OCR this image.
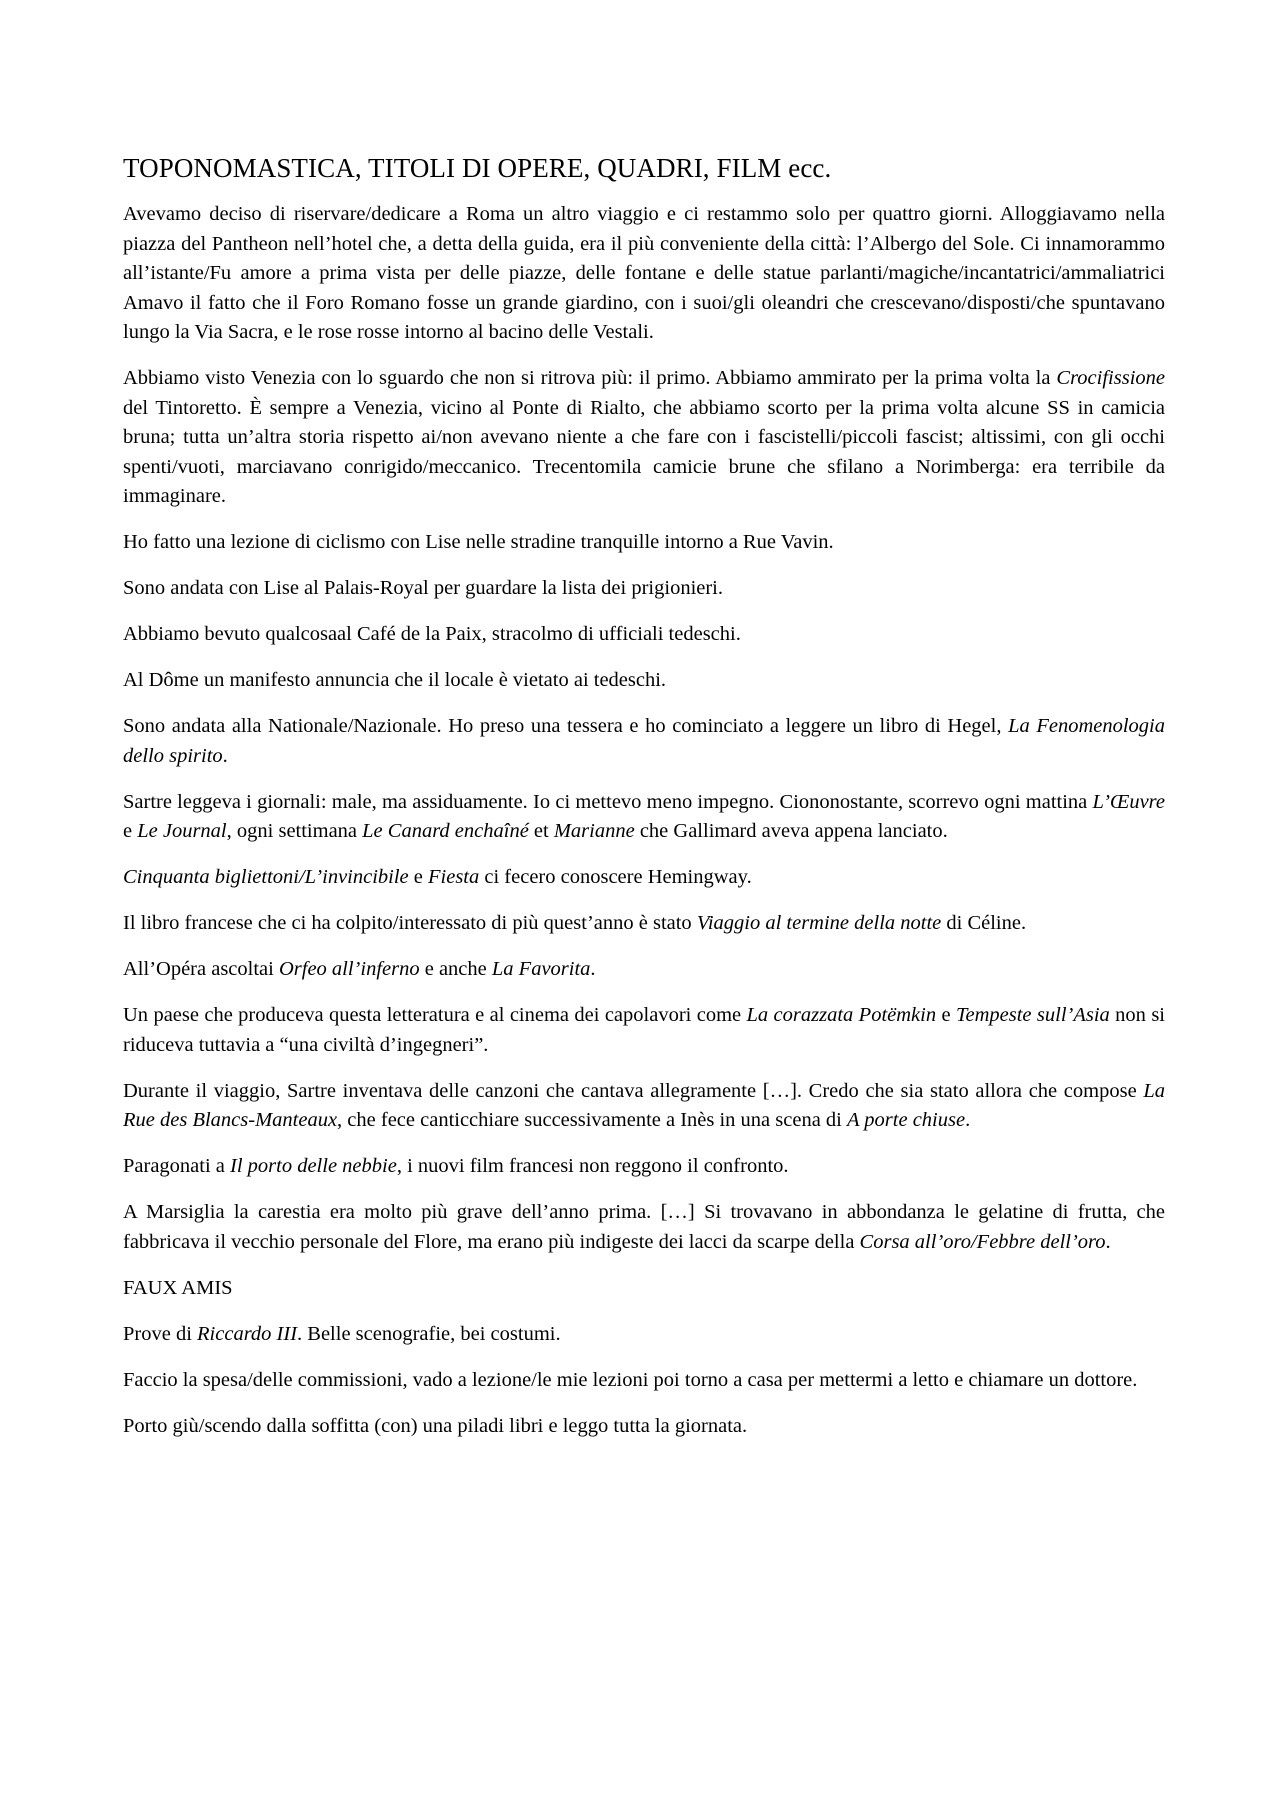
TOPONOMASTICA, TITOLI DI OPERE, QUADRI, FILM ecc.

Avevamo deciso di riservare/dedicare a Roma un altro viaggio e ci restammo solo per quattro giorni. Alloggiavamo nella piazza del Pantheon nell’hotel che, a detta della guida, era il più conveniente della città: l’Albergo del Sole. Ci innamorammo all’istante/Fu amore a prima vista per delle piazze, delle fontane e delle statue parlanti/magiche/incantatrici/ammaliatrici Amavo il fatto che il Foro Romano fosse un grande giardino, con i suoi/gli oleandri che crescevano/disposti/che spuntavano lungo la Via Sacra, e le rose rosse intorno al bacino delle Vestali.

Abbiamo visto Venezia con lo sguardo che non si ritrova più: il primo. Abbiamo ammirato per la prima volta la Crocifissione del Tintoretto. È sempre a Venezia, vicino al Ponte di Rialto, che abbiamo scorto per la prima volta alcune SS in camicia bruna; tutta un’altra storia rispetto ai/non avevano niente a che fare con i fascistelli/piccoli fascist; altissimi, con gli occhi spenti/vuoti, marciavano conrigido/meccanico. Trecentomila camicie brune che sfilano a Norimberga: era terribile da immaginare.

Ho fatto una lezione di ciclismo con Lise nelle stradine tranquille intorno a Rue Vavin.

Sono andata con Lise al Palais-Royal per guardare la lista dei prigionieri.

Abbiamo bevuto qualcosaal Café de la Paix, stracolmo di ufficiali tedeschi.

Al Dôme un manifesto annuncia che il locale è vietato ai tedeschi.

Sono andata alla Nationale/Nazionale. Ho preso una tessera e ho cominciato a leggere un libro di Hegel, La Fenomenologia dello spirito.

Sartre leggeva i giornali: male, ma assiduamente. Io ci mettevo meno impegno. Ciononostante, scorrevo ogni mattina L’Œuvre e Le Journal, ogni settimana Le Canard enchaîné et Marianne che Gallimard aveva appena lanciato.

Cinquanta bigliettoni/L’invincibile e Fiesta ci fecero conoscere Hemingway.

Il libro francese che ci ha colpito/interessato di più quest’anno è stato Viaggio al termine della notte di Céline.

All’Opéra ascoltai Orfeo all’inferno e anche La Favorita.

Un paese che produceva questa letteratura e al cinema dei capolavori come La corazzata Potëmkin e Tempeste sull’Asia non si riduceva tuttavia a “una civiltà d’ingegneri”.

Durante il viaggio, Sartre inventava delle canzoni che cantava allegramente […]. Credo che sia stato allora che compose La Rue des Blancs-Manteaux, che fece canticchiare successivamente a Inès in una scena di A porte chiuse.

Paragonati a Il porto delle nebbie, i nuovi film francesi non reggono il confronto.

A Marsiglia la carestia era molto più grave dell’anno prima. […] Si trovavano in abbondanza le gelatine di frutta, che fabbricava il vecchio personale del Flore, ma erano più indigeste dei lacci da scarpe della Corsa all’oro/Febbre dell’oro.

FAUX AMIS

Prove di Riccardo III. Belle scenografie, bei costumi.

Faccio la spesa/delle commissioni, vado a lezione/le mie lezioni poi torno a casa per mettermi a letto e chiamare un dottore.

Porto giù/scendo dalla soffitta (con) una piladi libri e leggo tutta la giornata.
